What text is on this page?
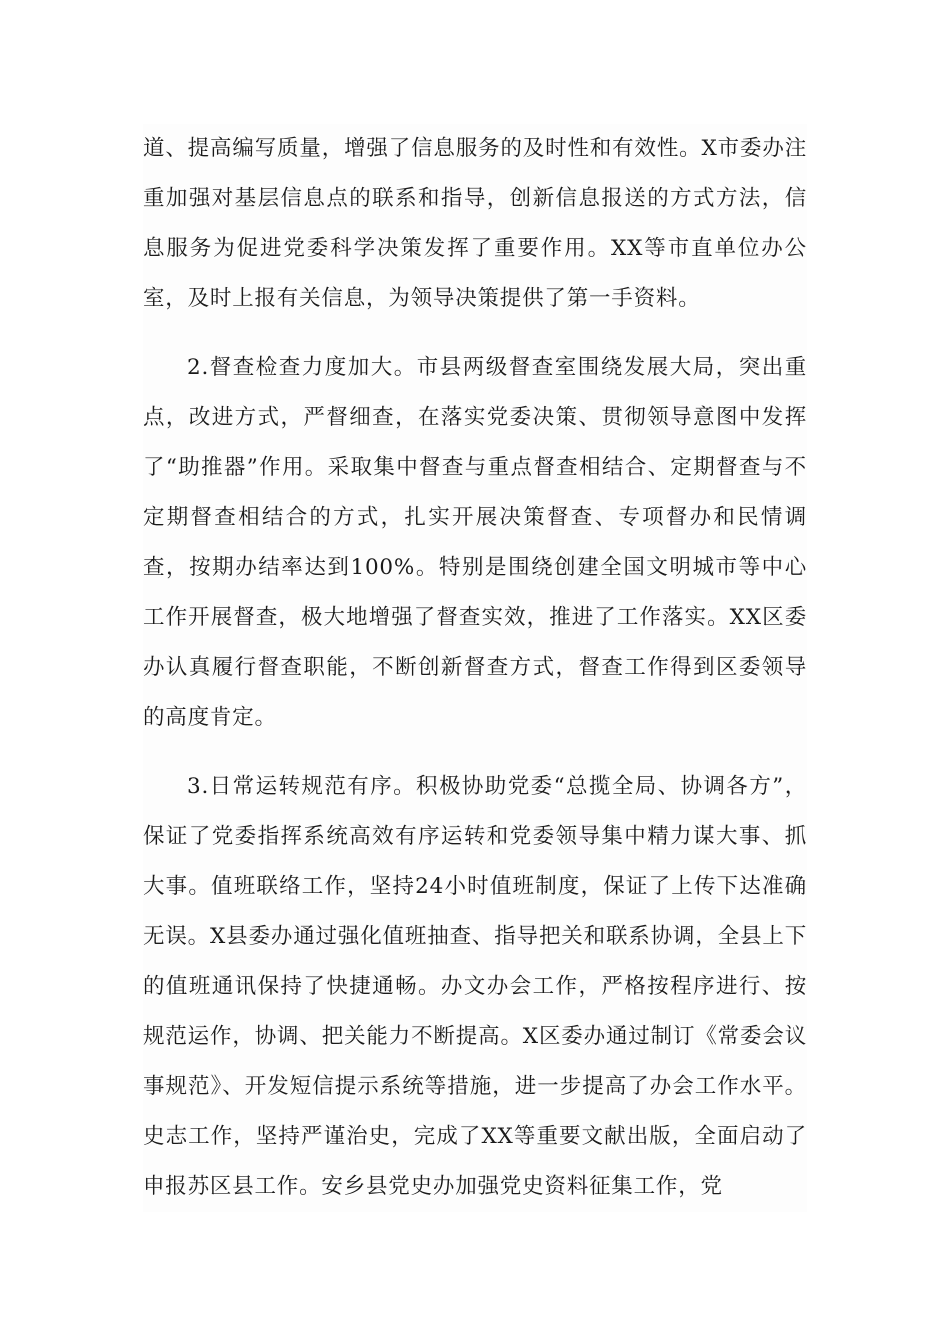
道、提高编写质量，增强了信息服务的及时性和有效性。X市委办注重加强对基层信息点的联系和指导，创新信息报送的方式方法，信息服务为促进党委科学决策发挥了重要作用。XX等市直单位办公室，及时上报有关信息，为领导决策提供了第一手资料。

2.督查检查力度加大。市县两级督查室围绕发展大局，突出重点，改进方式，严督细查，在落实党委决策、贯彻领导意图中发挥了“助推器”作用。采取集中督查与重点督查相结合、定期督查与不定期督查相结合的方式，扎实开展决策督查、专项督办和民情调查，按期办结率达到100%。特别是围绕创建全国文明城市等中心工作开展督查，极大地增强了督查实效，推进了工作落实。XX区委办认真履行督查职能，不断创新督查方式，督查工作得到区委领导的高度肯定。

3.日常运转规范有序。积极协助党委“总揽全局、协调各方”，保证了党委指挥系统高效有序运转和党委领导集中精力谋大事、抓大事。值班联络工作，坚持24小时值班制度，保证了上传下达准确无误。X县委办通过强化值班抽查、指导把关和联系协调，全县上下的值班通讯保持了快捷通畅。办文办会工作，严格按程序进行、按规范运作，协调、把关能力不断提高。X区委办通过制订《常委会议事规范》、开发短信提示系统等措施，进一步提高了办会工作水平。史志工作，坚持严谨治史，完成了XX等重要文献出版，全面启动了申报苏区县工作。安乡县党史办加强党史资料征集工作，党
